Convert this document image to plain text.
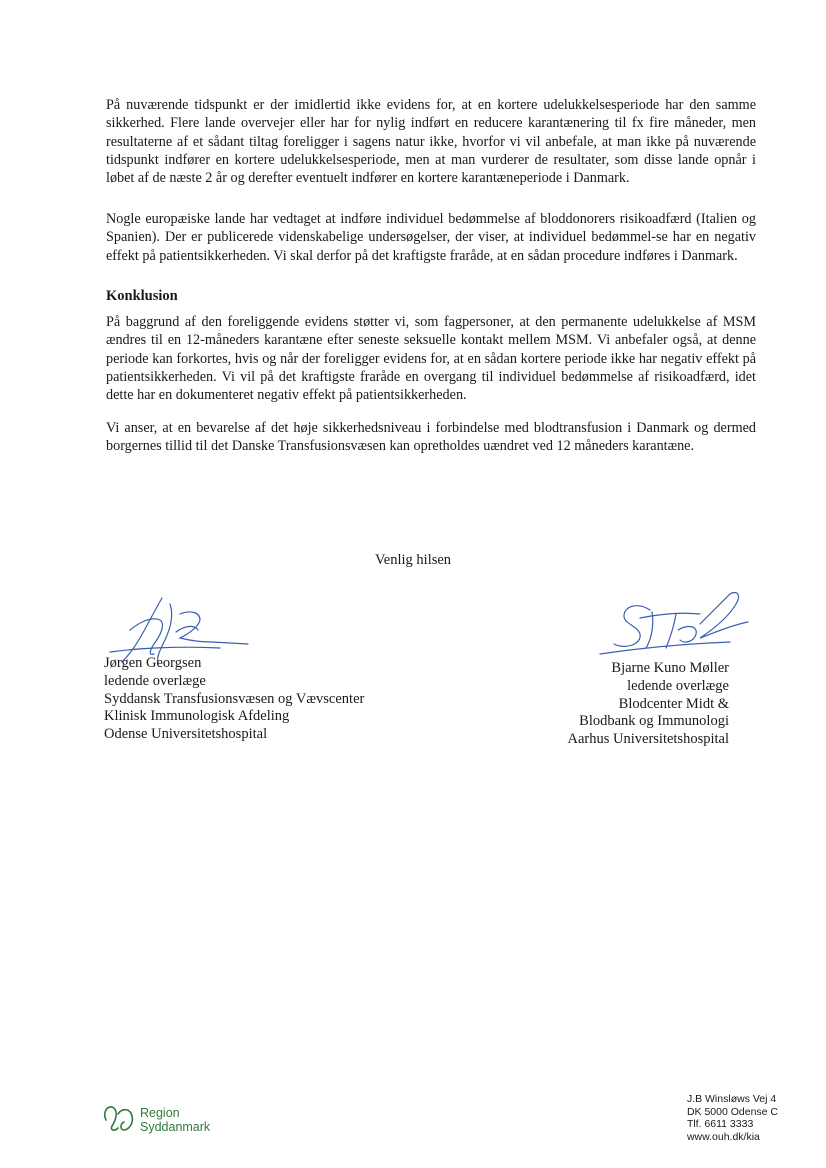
På nuværende tidspunkt er der imidlertid ikke evidens for, at en kortere udelukkelsesperiode har den samme sikkerhed. Flere lande overvejer eller har for nylig indført en reducere karantænering til fx fire måneder, men resultaterne af et sådant tiltag foreligger i sagens natur ikke, hvorfor vi vil anbefale, at man ikke på nuværende tidspunkt indfører en kortere udelukkelsesperiode, men at man vurderer de resultater, som disse lande opnår i løbet af de næste 2 år og derefter eventuelt indfører en kortere karantæneperiode i Danmark.

Nogle europæiske lande har vedtaget at indføre individuel bedømmelse af bloddonorers risikoadfærd (Italien og Spanien). Der er publicerede videnskabelige undersøgelser, der viser, at individuel bedømmel-se har en negativ effekt på patientsikkerheden. Vi skal derfor på det kraftigste fraråde, at en sådan procedure indføres i Danmark.

Konklusion

På baggrund af den foreliggende evidens støtter vi, som fagpersoner, at den permanente udelukkelse af MSM ændres til en 12-måneders karantæne efter seneste seksuelle kontakt mellem MSM. Vi anbefaler også, at denne periode kan forkortes, hvis og når der foreligger evidens for, at en sådan kortere periode ikke har negativ effekt på patientsikkerheden. Vi vil på det kraftigste fraråde en overgang til individuel bedømmelse af risikoadfærd, idet dette har en dokumenteret negativ effekt på patientsikkerheden.

Vi anser, at en bevarelse af det høje sikkerhedsniveau i forbindelse med blodtransfusion i Danmark og dermed borgernes tillid til det Danske Transfusionsvæsen kan opretholdes uændret ved 12 måneders karantæne.

Venlig hilsen
Jørgen Georgsen
ledende overlæge
Syddansk Transfusionsvæsen og Vævscenter
Klinisk Immunologisk Afdeling
Odense Universitetshospital
Bjarne Kuno Møller
ledende overlæge
Blodcenter Midt &
Blodbank og Immunologi
Aarhus Universitetshospital
Region
Syddanmark
J.B Winsløws Vej 4
DK 5000 Odense C
Tlf. 6611 3333
www.ouh.dk/kia
